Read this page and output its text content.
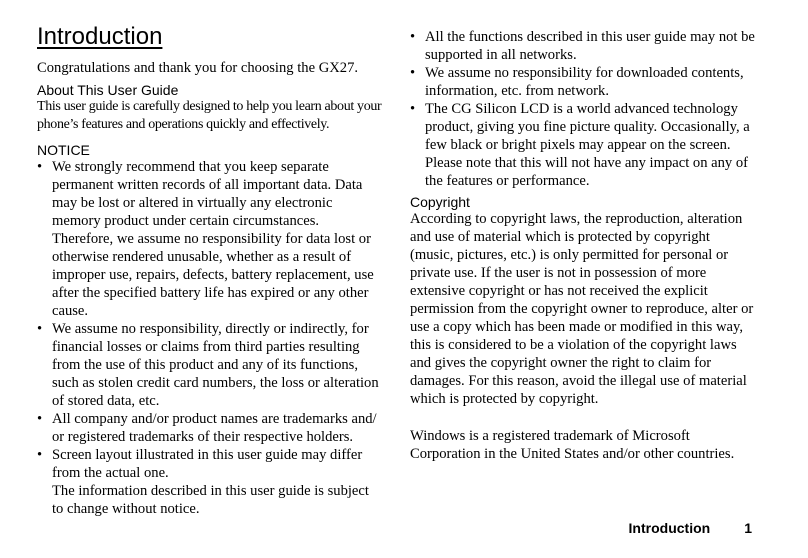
Introduction

Congratulations and thank you for choosing the GX27.

About This User Guide

This user guide is carefully designed to help you learn about your phone’s features and operations quickly and effectively.

NOTICE
• We strongly recommend that you keep separate permanent written records of all important data. Data may be lost or altered in virtually any electronic memory product under certain circumstances. Therefore, we assume no responsibility for data lost or otherwise rendered unusable, whether as a result of improper use, repairs, defects, battery replacement, use after the specified battery life has expired or any other cause.
• We assume no responsibility, directly or indirectly, for financial losses or claims from third parties resulting from the use of this product and any of its functions, such as stolen credit card numbers, the loss or alteration of stored data, etc.
• All company and/or product names are trademarks and/ or registered trademarks of their respective holders.
• Screen layout illustrated in this user guide may differ from the actual one.
The information described in this user guide is subject to change without notice.
• All the functions described in this user guide may not be supported in all networks.
• We assume no responsibility for downloaded contents, information, etc. from network.
• The CG Silicon LCD is a world advanced technology product, giving you fine picture quality. Occasionally, a few black or bright pixels may appear on the screen. Please note that this will not have any impact on any of the features or performance.
Copyright

According to copyright laws, the reproduction, alteration and use of material which is protected by copyright (music, pictures, etc.) is only permitted for personal or private use. If the user is not in possession of more extensive copyright or has not received the explicit permission from the copyright owner to reproduce, alter or use a copy which has been made or modified in this way, this is considered to be a violation of the copyright laws and gives the copyright owner the right to claim for damages. For this reason, avoid the illegal use of material which is protected by copyright.

Windows is a registered trademark of Microsoft Corporation in the United States and/or other countries.

Introduction 1
